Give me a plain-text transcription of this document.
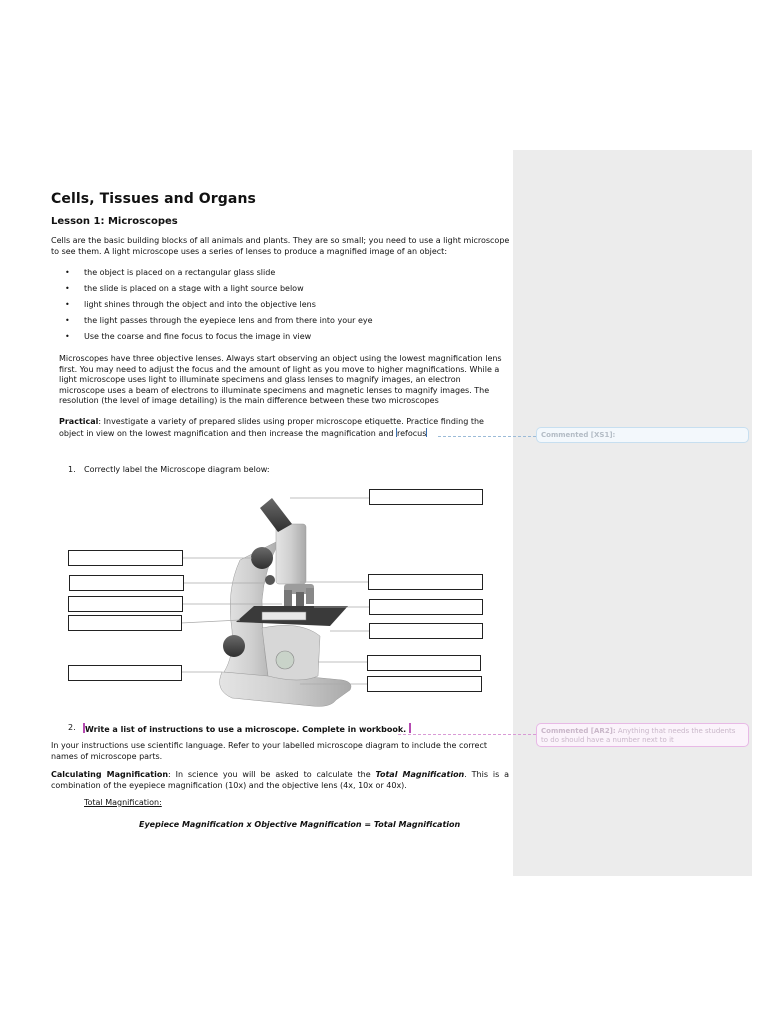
Cells, Tissues and Organs
Lesson 1: Microscopes
Cells are the basic building blocks of all animals and plants. They are so small; you need to use a light microscope to see them. A light microscope uses a series of lenses to produce a magnified image of an object:
• the object is placed on a rectangular glass slide
• the slide is placed on a stage with a light source below
• light shines through the object and into the objective lens
• the light passes through the eyepiece lens and from there into your eye
• Use the coarse and fine focus to focus the image in view
Microscopes have three objective lenses. Always start observing an object using the lowest magnification lens first. You may need to adjust the focus and the amount of light as you move to higher magnifications. While a light microscope uses light to illuminate specimens and glass lenses to magnify images, an electron microscope uses a beam of electrons to illuminate specimens and magnetic lenses to magnify images. The resolution (the level of image detailing) is the main difference between these two microscopes
Practical: Investigate a variety of prepared slides using proper microscope etiquette. Practice finding the
object in view on the lowest magnification and then increase the magnification and refocus
1. Correctly label the Microscope diagram below:
2. Write a list of instructions to use a microscope. Complete in workbook.
In your instructions use scientific language. Refer to your labelled microscope diagram to include the correct names of microscope parts.
Calculating Magnification: In science you will be asked to calculate the Total Magnification. This is a combination of the eyepiece magnification (10x) and the objective lens (4x, 10x or 40x).
Total Magnification:
Eyepiece Magnification x Objective Magnification = Total Magnification
Commented [XS1]:
Commented [AR2]: Anything that needs the students to do should have a number next to it
